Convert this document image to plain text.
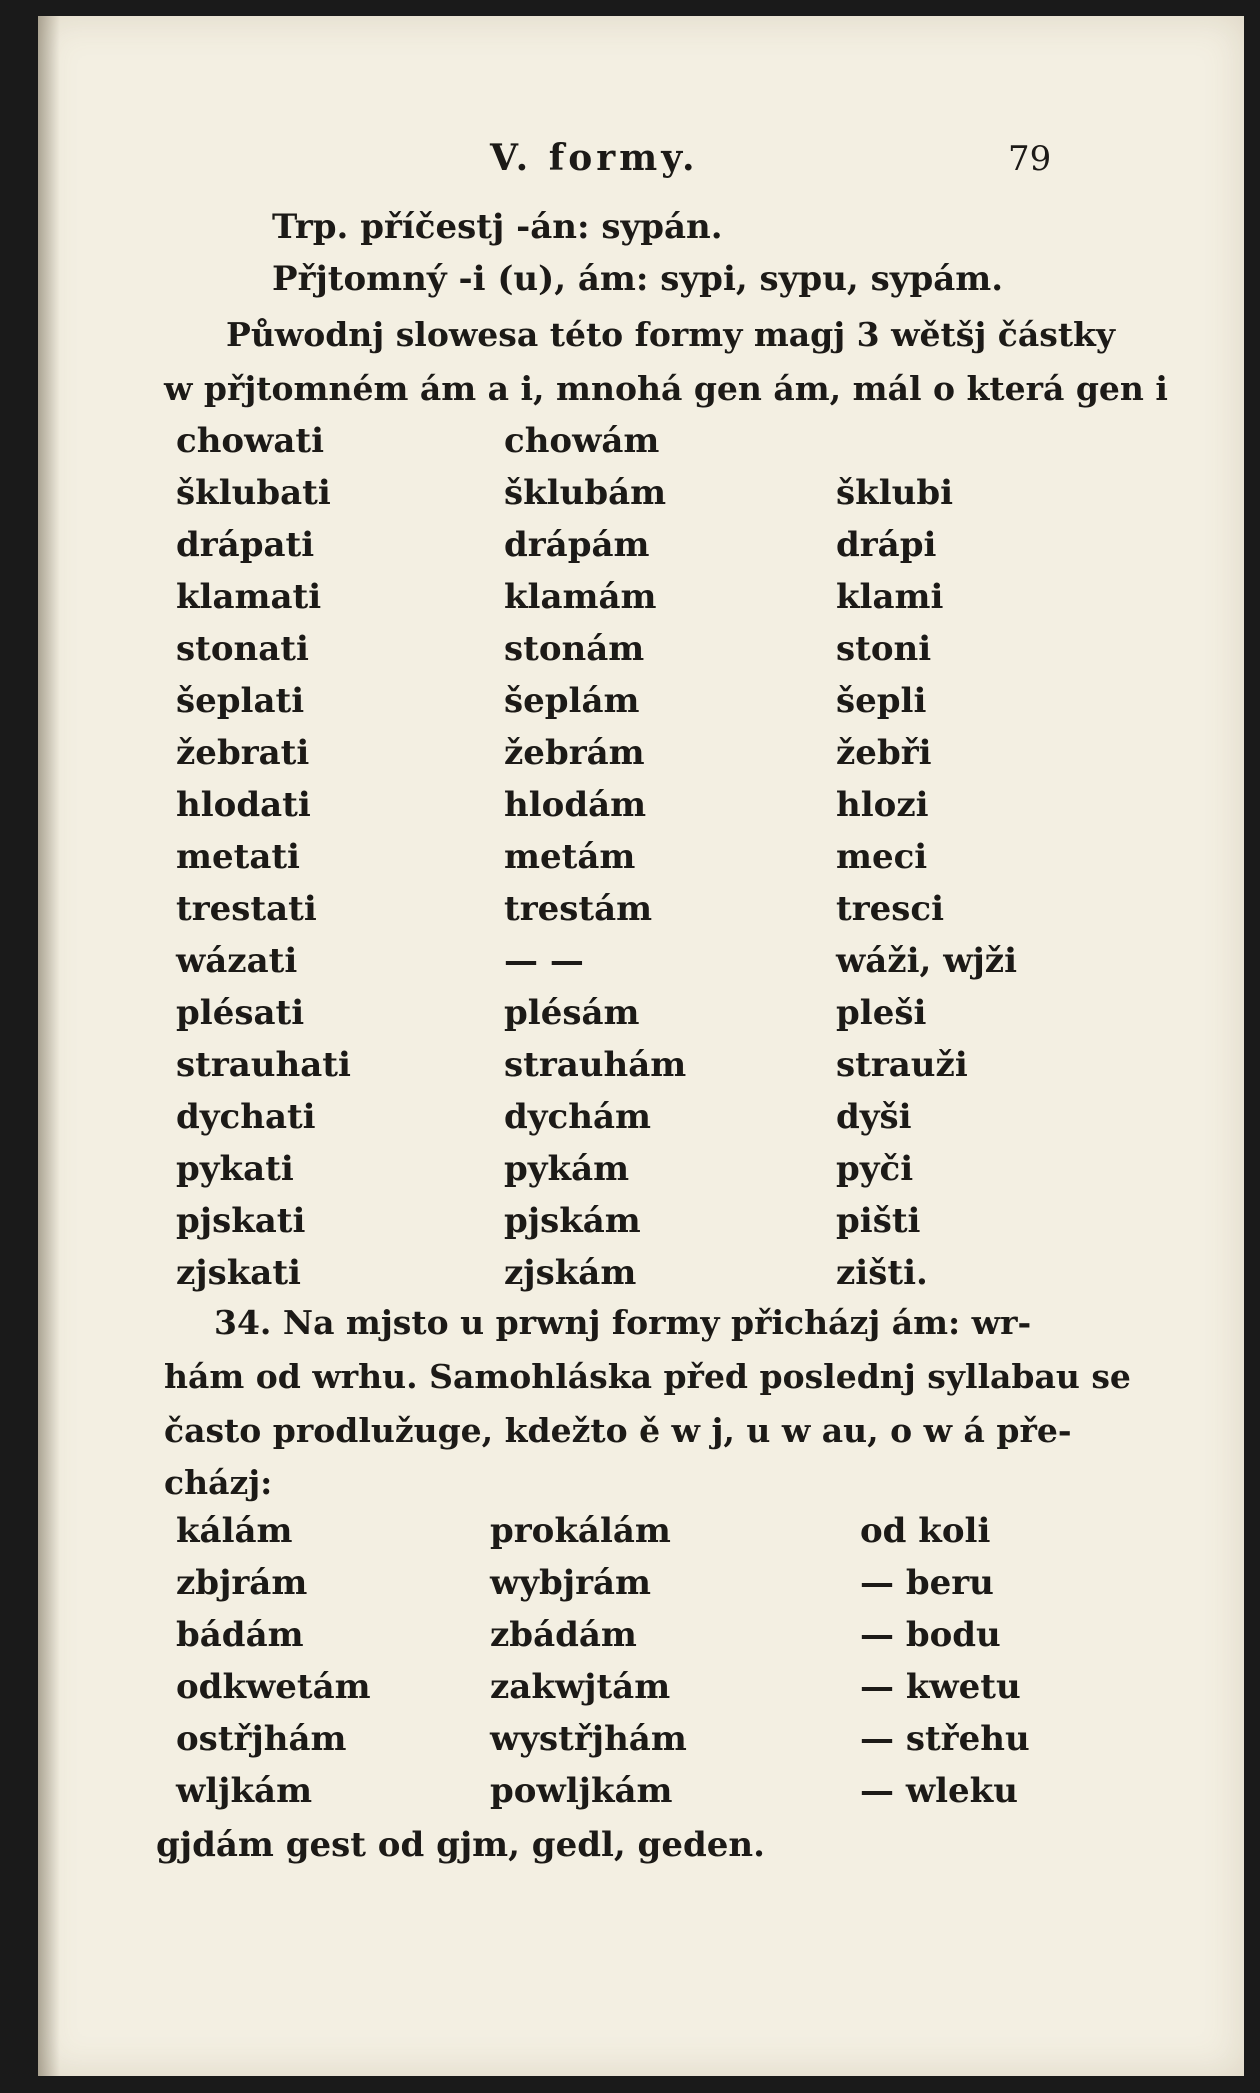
V. formy.	79

Trp. příčestj -án: sypán.

Přjtomný -i (u), ám: sypi, sypu, sypám.

Půwodnj slowesa této formy magj 3 wětšj částky

w přjtomném ám a i, mnohá gen ám, mál o která gen i

chowati	chowám

šklubati	šklubám	šklubi

drápati	drápám	drápi

klamati	klamám	klami

stonati	stonám	stoni

šeplati	šeplám	šepli

žebrati	žebrám	žebři

hlodati	hlodám	hlozi

metati	metám	meci

trestati	trestám	tresci

wázati	— —	wáži, wjži

plésati	plésám	pleši

strauhati	strauhám	strauži

dychati	dychám	dyši

pykati	pykám	pyči

pjskati	pjskám	pišti

zjskati	zjskám	zišti.

34. Na mjsto u prwnj formy přicházj ám: wr-

hám od wrhu. Samohláska před poslednj syllabau se

často prodlužuge, kdežto ě w j, u w au, o w á pře-

cházj:

kálám	prokálám	od koli

zbjrám	wybjrám	— beru

bádám	zbádám	— bodu

odkwetám	zakwjtám	— kwetu

ostřjhám	wystřjhám	— střehu

wljkám	powljkám	— wleku

gjdám gest od gjm, gedl, geden.
